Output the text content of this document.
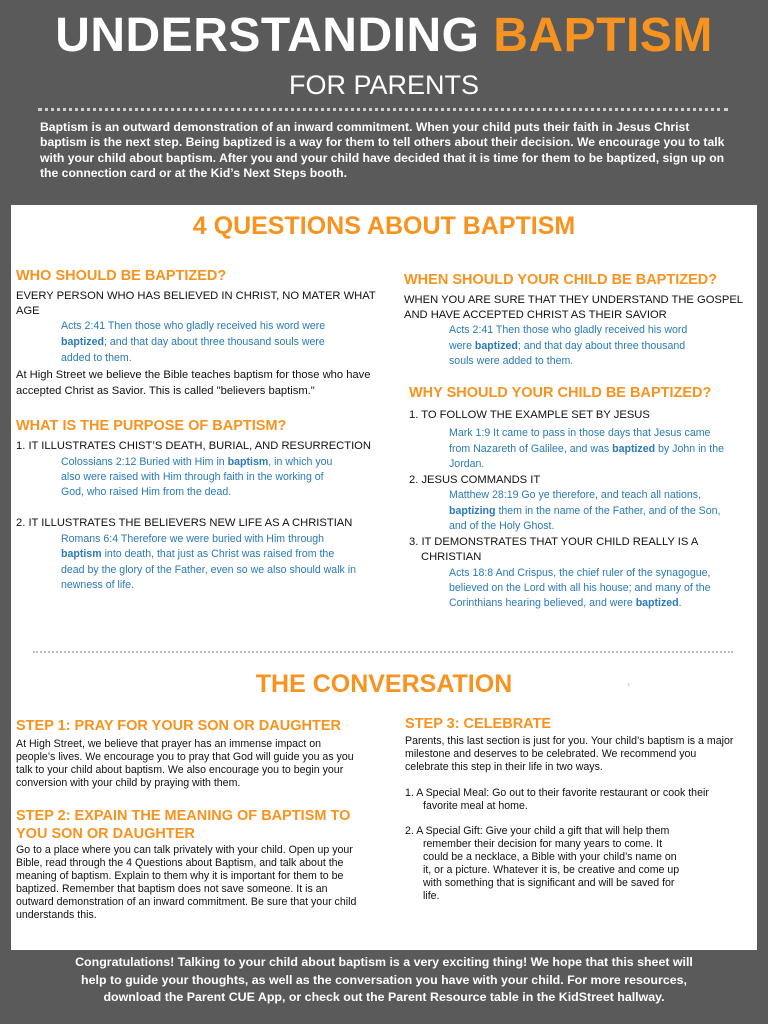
UNDERSTANDING BAPTISM
FOR PARENTS
Baptism is an outward demonstration of an inward commitment. When your child puts their faith in Jesus Christ baptism is the next step. Being baptized is a way for them to tell others about their decision. We encourage you to talk with your child about baptism. After you and your child have decided that it is time for them to be baptized, sign up on the connection card or at the Kid’s Next Steps booth.
4 QUESTIONS ABOUT BAPTISM
WHO SHOULD BE BAPTIZED?
EVERY PERSON WHO HAS BELIEVED IN CHRIST, NO MATER WHAT
AGE
Acts 2:41 Then those who gladly received his word were
baptized; and that day about three thousand souls were
added to them.
At High Street we believe the Bible teaches baptism for those who have
accepted Christ as Savior. This is called "believers baptism."
WHAT IS THE PURPOSE OF BAPTISM?
1. IT ILLUSTRATES CHIST’S DEATH, BURIAL, AND RESURRECTION
Colossians 2:12 Buried with Him in baptism, in which you
also were raised with Him through faith in the working of
God, who raised Him from the dead.
2. IT ILLUSTRATES THE BELIEVERS NEW LIFE AS A CHRISTIAN
Romans 6:4 Therefore we were buried with Him through
baptism into death, that just as Christ was raised from the
dead by the glory of the Father, even so we also should walk in
newness of life.
WHEN SHOULD YOUR CHILD BE BAPTIZED?
WHEN YOU ARE SURE THAT THEY UNDERSTAND THE GOSPEL
AND HAVE ACCEPTED CHRIST AS THEIR SAVIOR
Acts 2:41 Then those who gladly received his word
were baptized; and that day about three thousand
souls were added to them.
WHY SHOULD YOUR CHILD BE BAPTIZED?
1. TO FOLLOW THE EXAMPLE SET BY JESUS
Mark 1:9 It came to pass in those days that Jesus came
from Nazareth of Galilee, and was baptized by John in the
Jordan.
2. JESUS COMMANDS IT
Matthew 28:19 Go ye therefore, and teach all nations,
baptizing them in the name of the Father, and of the Son,
and of the Holy Ghost.
3. IT DEMONSTRATES THAT YOUR CHILD REALLY IS A
CHRISTIAN
Acts 18:8 And Crispus, the chief ruler of the synagogue,
believed on the Lord with all his house; and many of the
Corinthians hearing believed, and were baptized.
THE CONVERSATION	›
STEP 1: PRAY FOR YOUR SON OR DAUGHTER
At High Street, we believe that prayer has an immense impact on
people’s lives. We encourage you to pray that God will guide you as you
talk to your child about baptism. We also encourage you to begin your
conversion with your child by praying with them.
STEP 2: EXPAIN THE MEANING OF BAPTISM TO
YOU SON OR DAUGHTER
Go to a place where you can talk privately with your child. Open up your
Bible, read through the 4 Questions about Baptism, and talk about the
meaning of baptism. Explain to them why it is important for them to be
baptized. Remember that baptism does not save someone. It is an
outward demonstration of an inward commitment. Be sure that your child
understands this.
STEP 3: CELEBRATE
Parents, this last section is just for you. Your child’s baptism is a major
milestone and deserves to be celebrated. We recommend you
celebrate this step in their life in two ways.
1. A Special Meal: Go out to their favorite restaurant or cook their
favorite meal at home.
2. A Special Gift: Give your child a gift that will help them
remember their decision for many years to come. It
could be a necklace, a Bible with your child’s name on
it, or a picture. Whatever it is, be creative and come up
with something that is significant and will be saved for
life.
Congratulations! Talking to your child about baptism is a very exciting thing! We hope that this sheet will
help to guide your thoughts, as well as the conversation you have with your child. For more resources,
download the Parent CUE App, or check out the Parent Resource table in the KidStreet hallway.
